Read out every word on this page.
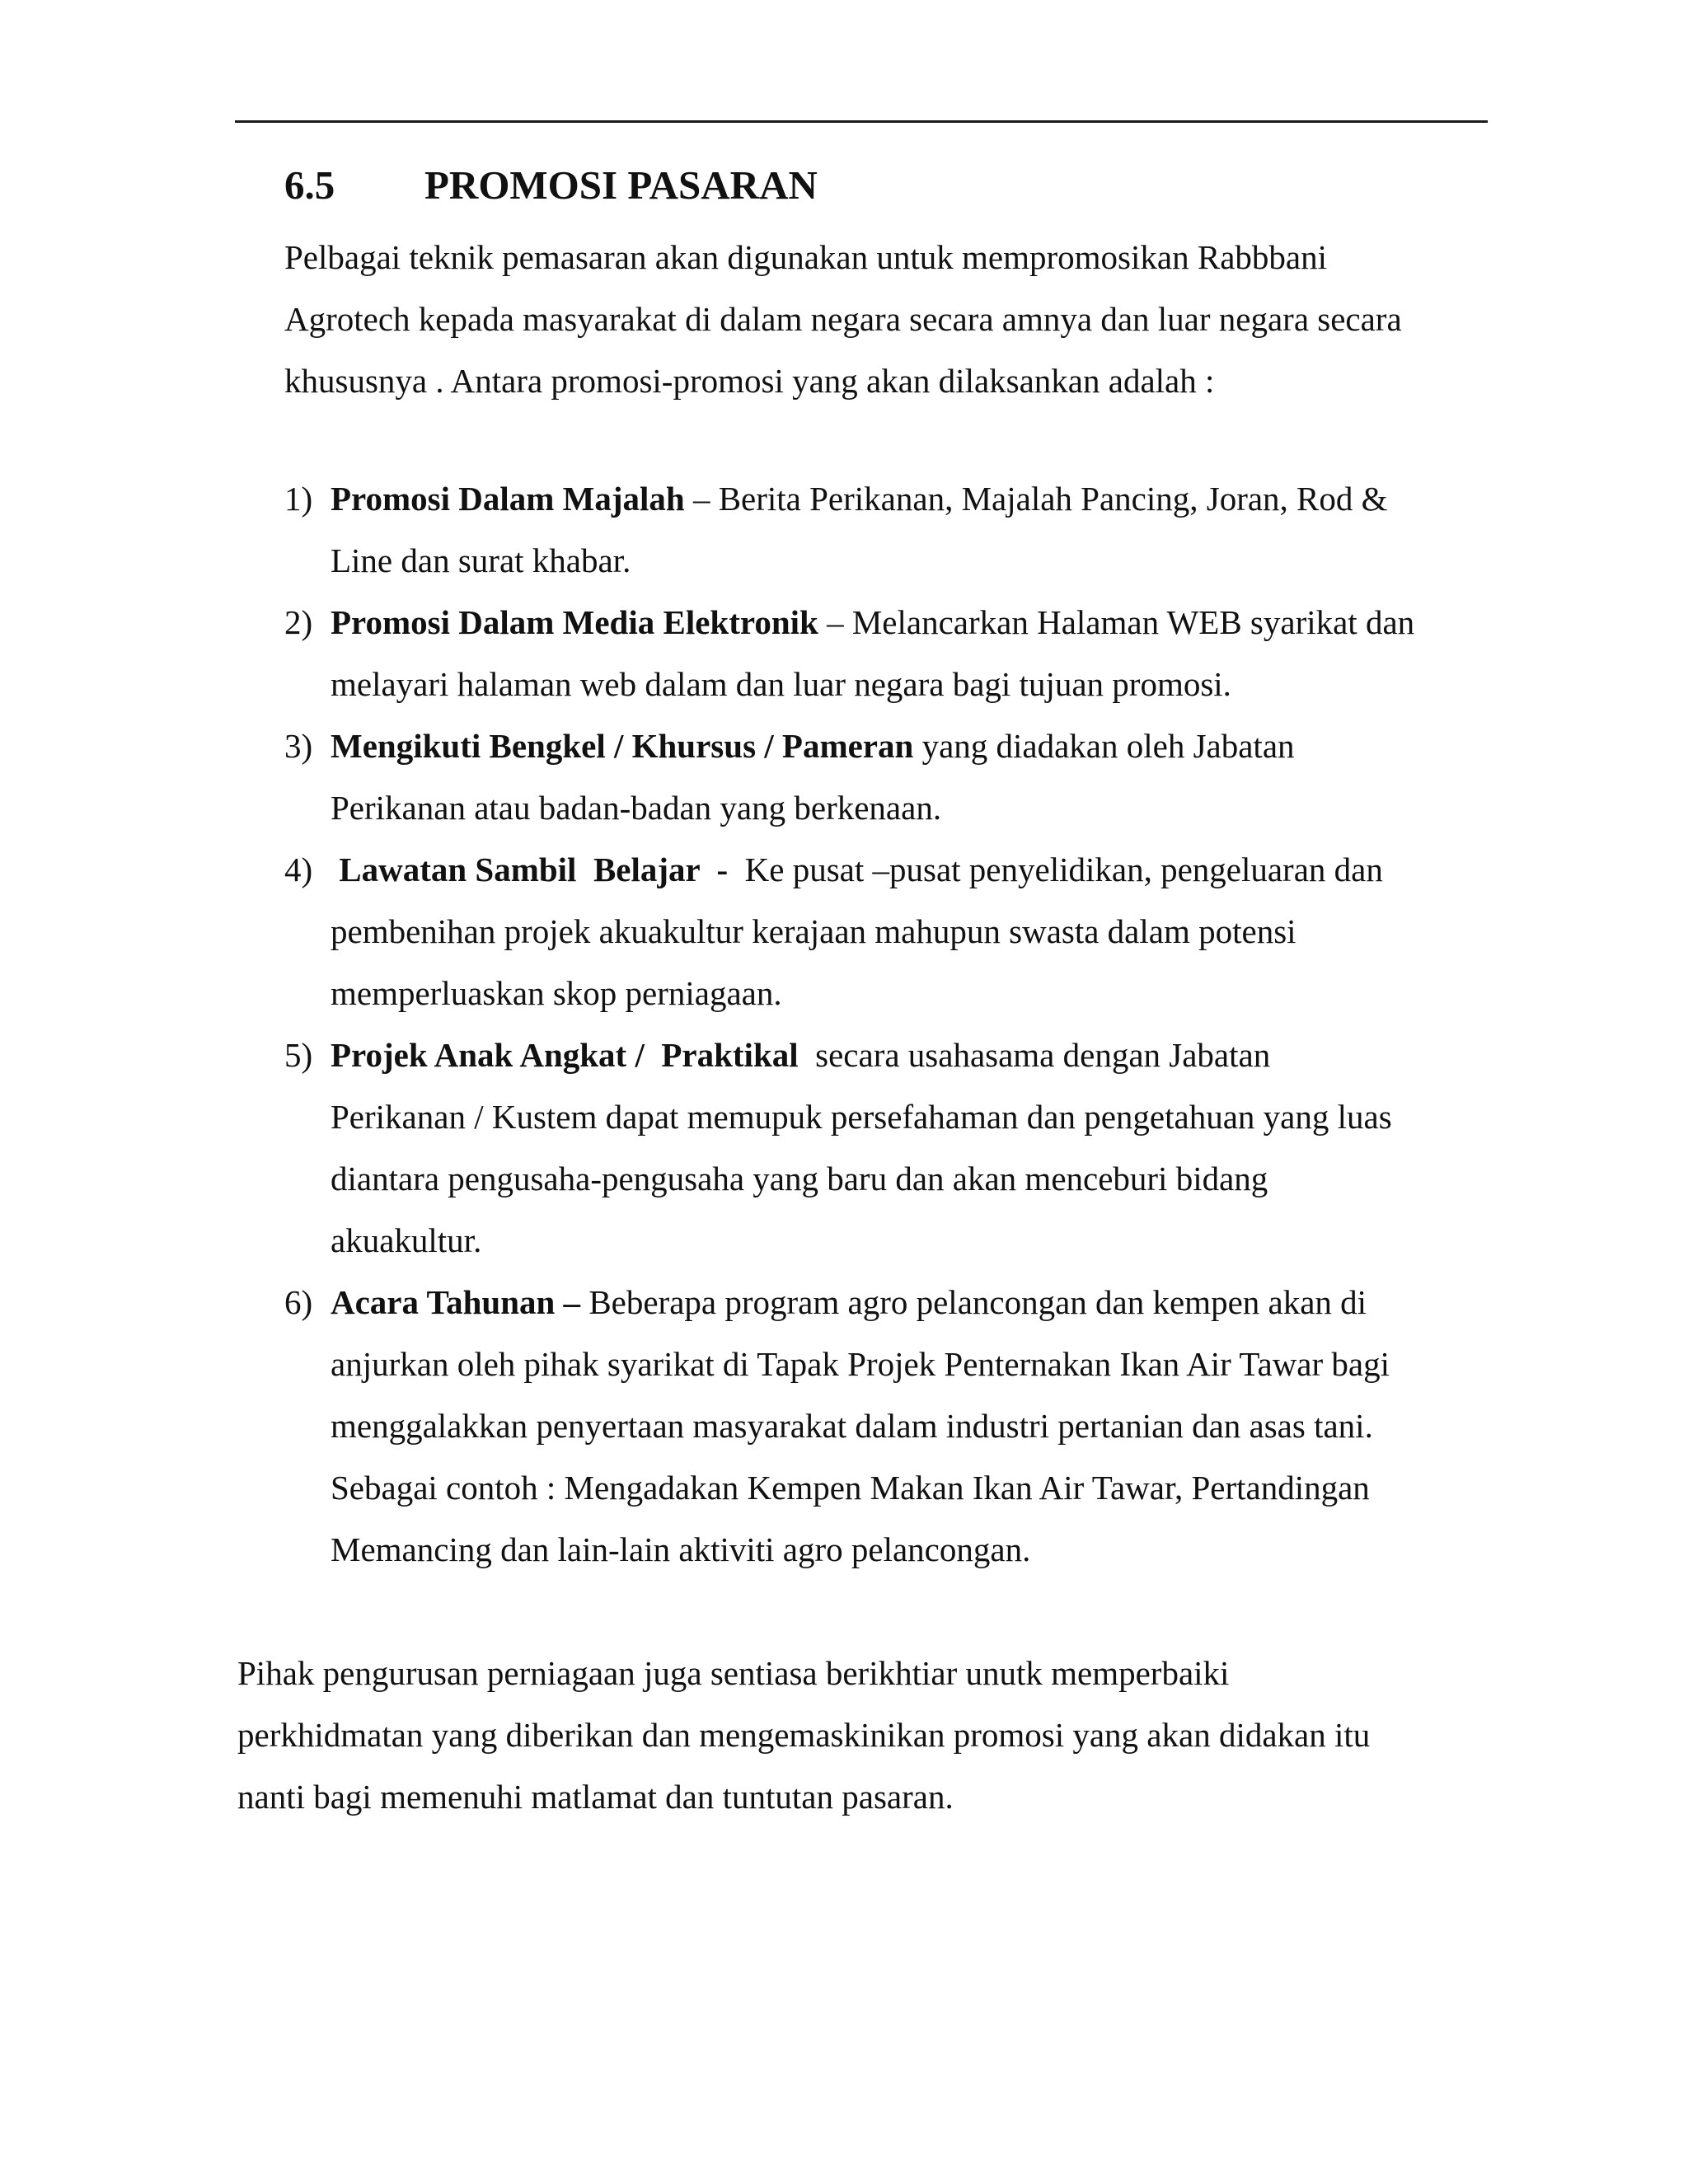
6.5 PROMOSI PASARAN
Pelbagai teknik pemasaran akan digunakan untuk mempromosikan Rabbbani
Agrotech kepada masyarakat di dalam negara secara amnya dan luar negara secara
khususnya . Antara promosi-promosi yang akan dilaksankan adalah :
1) Promosi Dalam Majalah – Berita Perikanan, Majalah Pancing, Joran, Rod &
Line dan surat khabar.
2) Promosi Dalam Media Elektronik – Melancarkan Halaman WEB syarikat dan
melayari halaman web dalam dan luar negara bagi tujuan promosi.
3) Mengikuti Bengkel / Khursus / Pameran yang diadakan oleh Jabatan
Perikanan atau badan-badan yang berkenaan.
4) Lawatan Sambil  Belajar  -  Ke pusat –pusat penyelidikan, pengeluaran dan
pembenihan projek akuakultur kerajaan mahupun swasta dalam potensi
memperluaskan skop perniagaan.
5) Projek Anak Angkat /  Praktikal  secara usahasama dengan Jabatan
Perikanan / Kustem dapat memupuk persefahaman dan pengetahuan yang luas
diantara pengusaha-pengusaha yang baru dan akan menceburi bidang
akuakultur.
6) Acara Tahunan – Beberapa program agro pelancongan dan kempen akan di
anjurkan oleh pihak syarikat di Tapak Projek Penternakan Ikan Air Tawar bagi
menggalakkan penyertaan masyarakat dalam industri pertanian dan asas tani.
Sebagai contoh : Mengadakan Kempen Makan Ikan Air Tawar, Pertandingan
Memancing dan lain-lain aktiviti agro pelancongan.
Pihak pengurusan perniagaan juga sentiasa berikhtiar unutk memperbaiki
perkhidmatan yang diberikan dan mengemaskinikan promosi yang akan didakan itu
nanti bagi memenuhi matlamat dan tuntutan pasaran.
